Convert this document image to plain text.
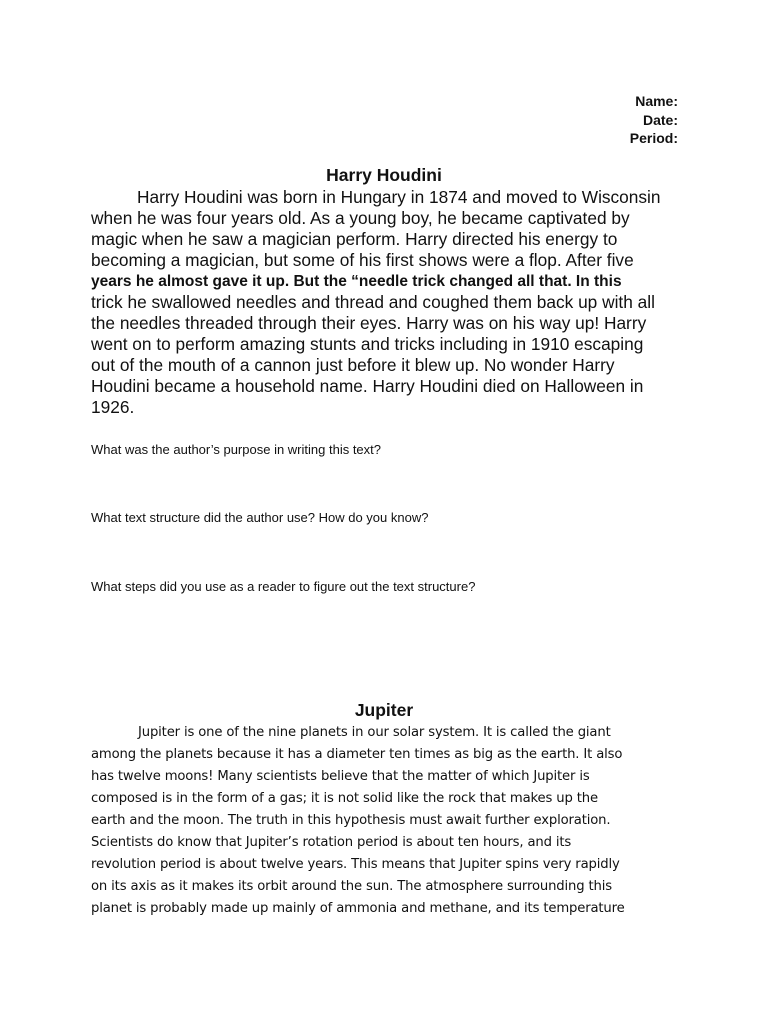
Name:
Date:
Period:
Harry Houdini
Harry Houdini was born in Hungary in 1874 and moved to Wisconsin
when he was four years old. As a young boy, he became captivated by
magic when he saw a magician perform. Harry directed his energy to
becoming a magician, but some of his first shows were a flop. After five
years he almost gave it up. But the “needle trick changed all that. In this
trick he swallowed needles and thread and coughed them back up with all
the needles threaded through their eyes. Harry was on his way up! Harry
went on to perform amazing stunts and tricks including in 1910 escaping
out of the mouth of a cannon just before it blew up. No wonder Harry
Houdini became a household name. Harry Houdini died on Halloween in
1926.
What was the author’s purpose in writing this text?
What text structure did the author use? How do you know?
What steps did you use as a reader to figure out the text structure?
Jupiter
Jupiter is one of the nine planets in our solar system. It is called the giant
among the planets because it has a diameter ten times as big as the earth. It also
has twelve moons! Many scientists believe that the matter of which Jupiter is
composed is in the form of a gas; it is not solid like the rock that makes up the
earth and the moon. The truth in this hypothesis must await further exploration.
Scientists do know that Jupiter’s rotation period is about ten hours, and its
revolution period is about twelve years. This means that Jupiter spins very rapidly
on its axis as it makes its orbit around the sun. The atmosphere surrounding this
planet is probably made up mainly of ammonia and methane, and its temperature
